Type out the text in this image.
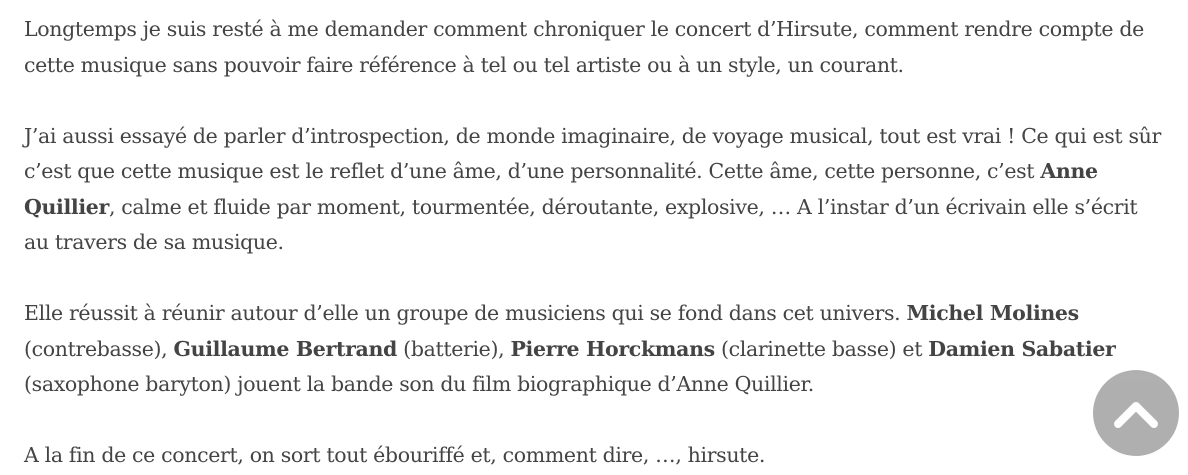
Longtemps je suis resté à me demander comment chroniquer le concert d’Hirsute, comment rendre compte de cette musique sans pouvoir faire référence à tel ou tel artiste ou à un style, un courant.

J’ai aussi essayé de parler d’introspection, de monde imaginaire, de voyage musical, tout est vrai ! Ce qui est sûr c’est que cette musique est le reflet d’une âme, d’une personnalité. Cette âme, cette personne, c’est Anne Quillier, calme et fluide par moment, tourmentée, déroutante, explosive, … A l’instar d’un écrivain elle s’écrit au travers de sa musique.

Elle réussit à réunir autour d’elle un groupe de musiciens qui se fond dans cet univers. Michel Molines (contrebasse), Guillaume Bertrand (batterie), Pierre Horckmans (clarinette basse) et Damien Sabatier (saxophone baryton) jouent la bande son du film biographique d’Anne Quillier.

A la fin de ce concert, on sort tout ébouriffé et, comment dire, …, hirsute.
